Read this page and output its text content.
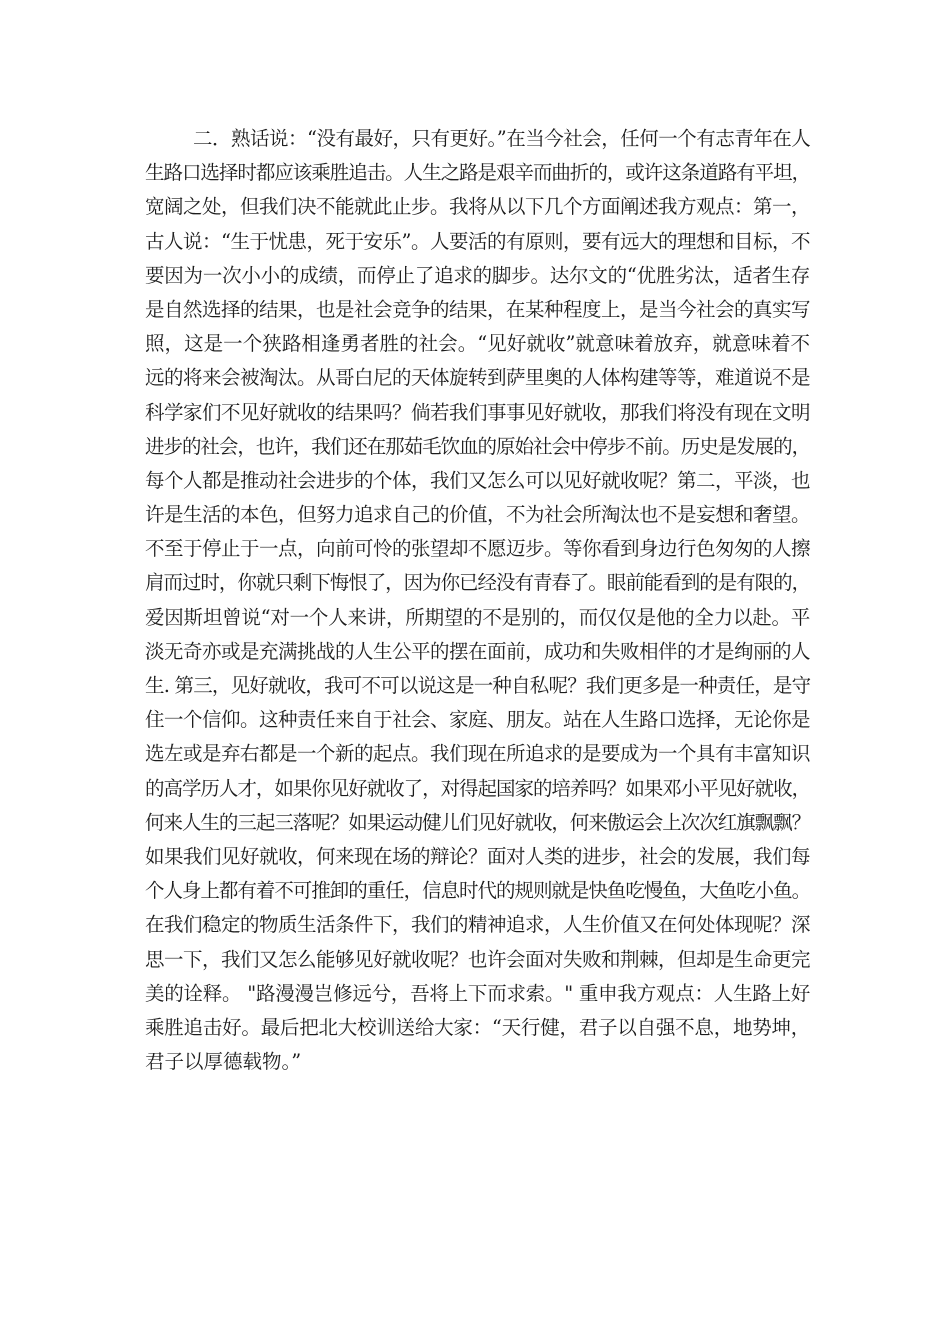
二．熟话说：“没有最好，只有更好。”在当今社会，任何一个有志青年在人
生路口选择时都应该乘胜追击。人生之路是艰辛而曲折的，或许这条道路有平坦，
宽阔之处，但我们决不能就此止步。我将从以下几个方面阐述我方观点：第一，
古人说：“生于忧患，死于安乐”。人要活的有原则，要有远大的理想和目标，不
要因为一次小小的成绩，而停止了追求的脚步。达尔文的“优胜劣汰，适者生存
是自然选择的结果，也是社会竞争的结果，在某种程度上，是当今社会的真实写
照，这是一个狭路相逢勇者胜的社会。“见好就收”就意味着放弃，就意味着不
远的将来会被淘汰。从哥白尼的天体旋转到萨里奥的人体构建等等，难道说不是
科学家们不见好就收的结果吗？倘若我们事事见好就收，那我们将没有现在文明
进步的社会，也许，我们还在那茹毛饮血的原始社会中停步不前。历史是发展的，
每个人都是推动社会进步的个体，我们又怎么可以见好就收呢？第二，平淡，也
许是生活的本色，但努力追求自己的价值，不为社会所淘汰也不是妄想和奢望。
不至于停止于一点，向前可怜的张望却不愿迈步。等你看到身边行色匆匆的人擦
肩而过时，你就只剩下悔恨了，因为你已经没有青春了。眼前能看到的是有限的，
爱因斯坦曾说“对一个人来讲，所期望的不是别的，而仅仅是他的全力以赴。平
淡无奇亦或是充满挑战的人生公平的摆在面前，成功和失败相伴的才是绚丽的人
生. 第三，见好就收，我可不可以说这是一种自私呢？我们更多是一种责任，是守
住一个信仰。这种责任来自于社会、家庭、朋友。站在人生路口选择，无论你是
选左或是弃右都是一个新的起点。我们现在所追求的是要成为一个具有丰富知识
的高学历人才，如果你见好就收了，对得起国家的培养吗？如果邓小平见好就收，
何来人生的三起三落呢？如果运动健儿们见好就收，何来傲运会上次次红旗飘飘？
如果我们见好就收，何来现在场的辩论？面对人类的进步，社会的发展，我们每
个人身上都有着不可推卸的重任，信息时代的规则就是快鱼吃慢鱼，大鱼吃小鱼。
在我们稳定的物质生活条件下，我们的精神追求，人生价值又在何处体现呢？深
思一下，我们又怎么能够见好就收呢？也许会面对失败和荆棘，但却是生命更完
美的诠释。 "路漫漫岂修远兮，吾将上下而求索。" 重申我方观点：人生路上好
乘胜追击好。最后把北大校训送给大家：“天行健，君子以自强不息，地势坤，
君子以厚德载物。”
